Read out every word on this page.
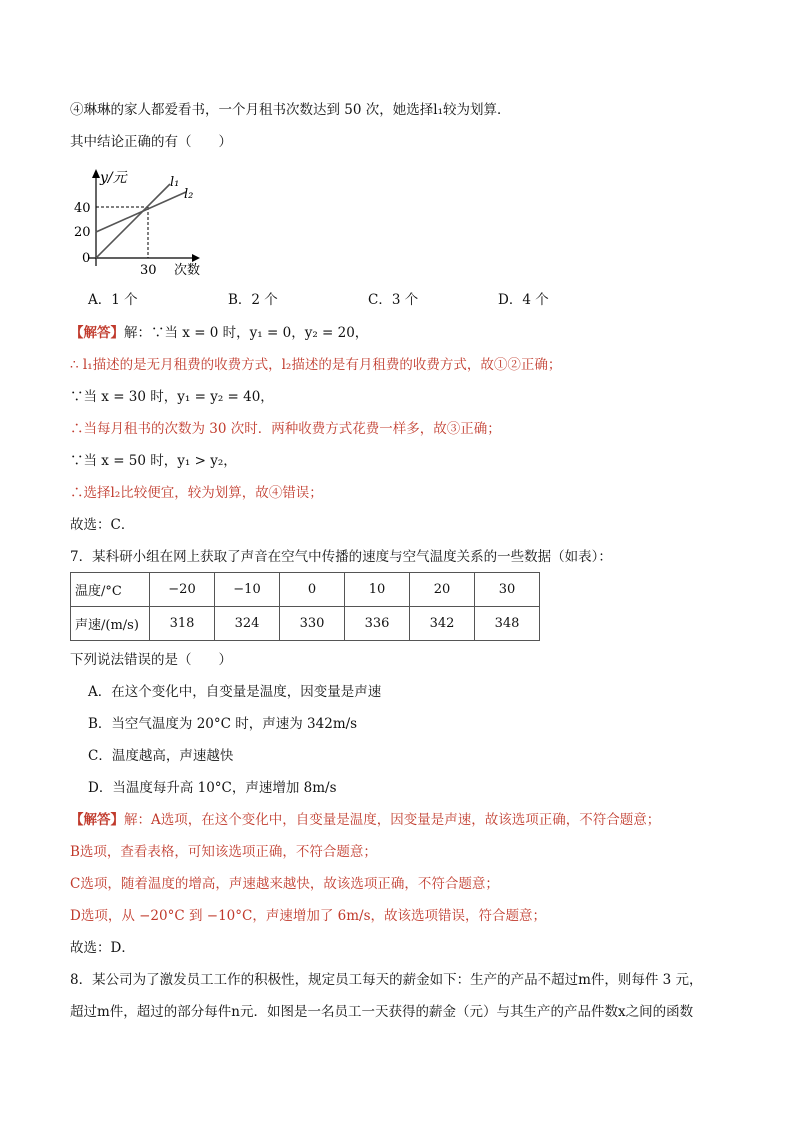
④琳琳的家人都爱看书，一个月租书次数达到 50 次，她选择l₁较为划算．
其中结论正确的有（　　）
y/元
40
20
0
30 次数
l₁
l₂
A．1 个	B．2 个	C．3 个	D．4 个
【解答】解：∵当 x = 0 时，y₁ = 0，y₂ = 20，
∴ l₁描述的是无月租费的收费方式，l₂描述的是有月租费的收费方式，故①②正确；
∵当 x = 30 时，y₁ = y₂ = 40，
∴当每月租书的次数为 30 次时．两种收费方式花费一样多，故③正确；
∵当 x = 50 时，y₁ > y₂，
∴选择l₂比较便宜，较为划算，故④错误；
故选：C．
7．某科研小组在网上获取了声音在空气中传播的速度与空气温度关系的一些数据（如表）：
温度/°C	−20	−10	0	10	20	30
声速/(m/s)	318	324	330	336	342	348
下列说法错误的是（　　）
A．在这个变化中，自变量是温度，因变量是声速
B．当空气温度为 20°C 时，声速为 342m/s
C．温度越高，声速越快
D．当温度每升高 10°C，声速增加 8m/s
【解答】解：A选项，在这个变化中，自变量是温度，因变量是声速，故该选项正确，不符合题意；
B选项，查看表格，可知该选项正确，不符合题意；
C选项，随着温度的增高，声速越来越快，故该选项正确，不符合题意；
D选项，从 −20°C 到 −10°C，声速增加了 6m/s，故该选项错误，符合题意；
故选：D．
8．某公司为了激发员工工作的积极性，规定员工每天的薪金如下：生产的产品不超过m件，则每件 3 元，
超过m件，超过的部分每件n元．如图是一名员工一天获得的薪金（元）与其生产的产品件数x之间的函数
